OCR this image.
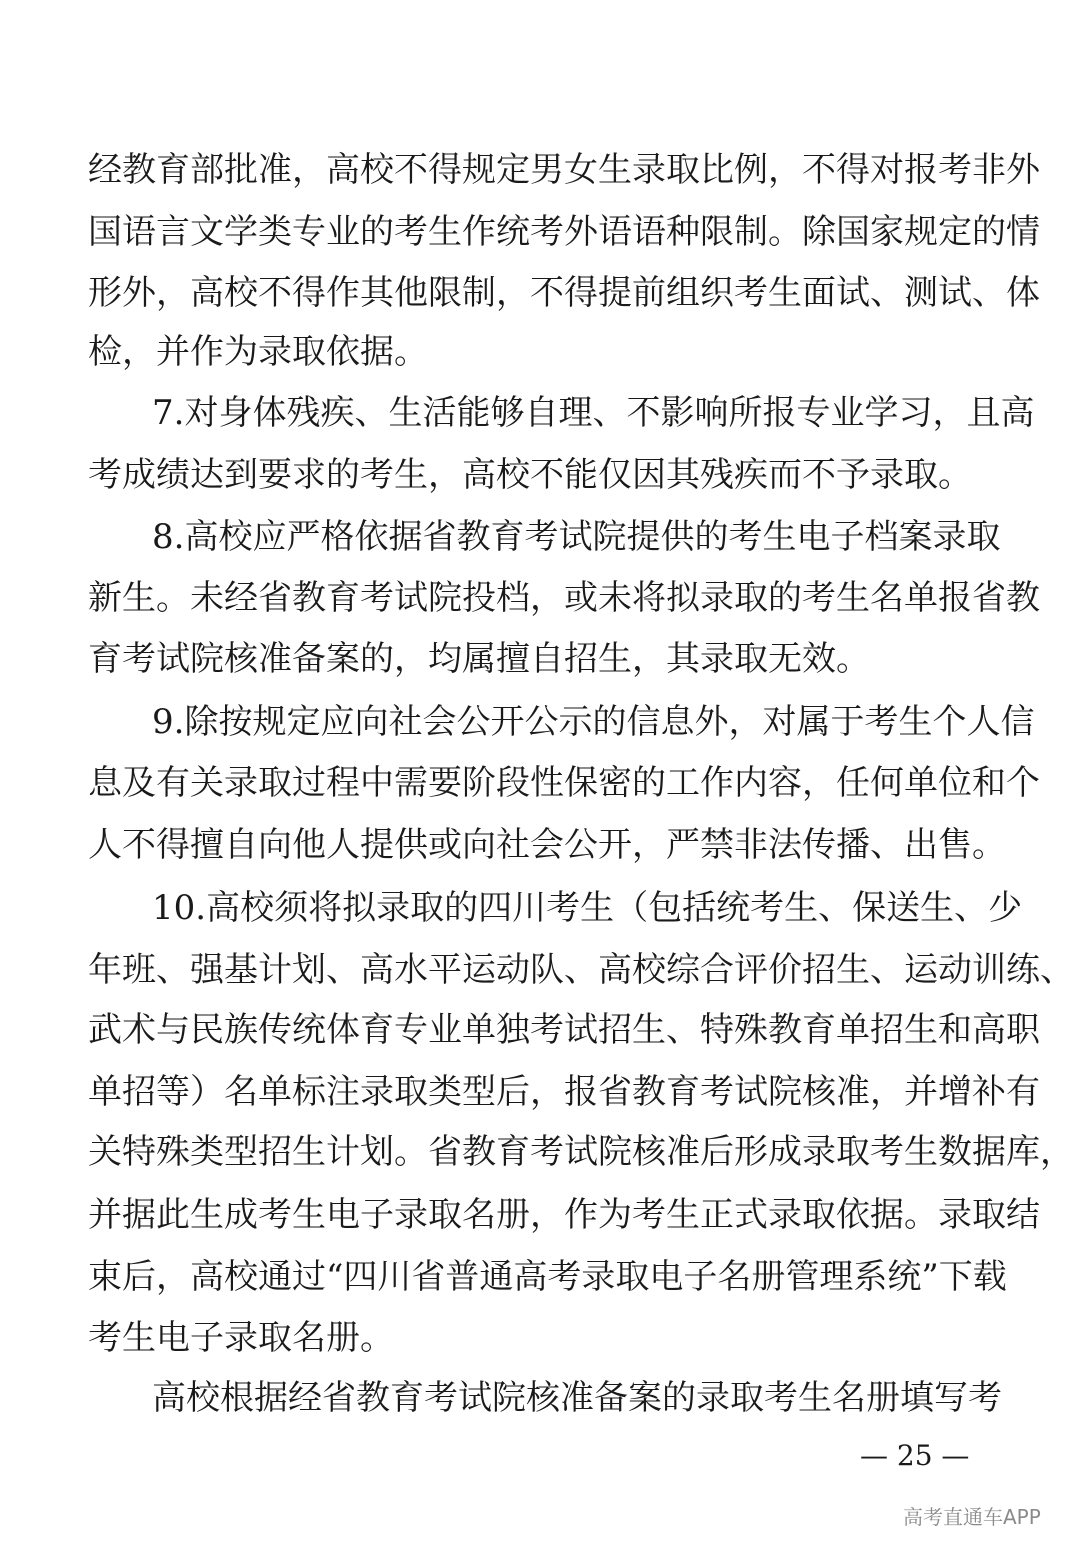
经教育部批准，高校不得规定男女生录取比例，不得对报考非外
国语言文学类专业的考生作统考外语语种限制。除国家规定的情
形外，高校不得作其他限制，不得提前组织考生面试、测试、体
检，并作为录取依据。
7.对身体残疾、生活能够自理、不影响所报专业学习，且高
考成绩达到要求的考生，高校不能仅因其残疾而不予录取。
8.高校应严格依据省教育考试院提供的考生电子档案录取
新生。未经省教育考试院投档，或未将拟录取的考生名单报省教
育考试院核准备案的，均属擅自招生，其录取无效。
9.除按规定应向社会公开公示的信息外，对属于考生个人信
息及有关录取过程中需要阶段性保密的工作内容，任何单位和个
人不得擅自向他人提供或向社会公开，严禁非法传播、出售。
10.高校须将拟录取的四川考生（包括统考生、保送生、少
年班、强基计划、高水平运动队、高校综合评价招生、运动训练、
武术与民族传统体育专业单独考试招生、特殊教育单招生和高职
单招等）名单标注录取类型后，报省教育考试院核准，并增补有
关特殊类型招生计划。省教育考试院核准后形成录取考生数据库，
并据此生成考生电子录取名册，作为考生正式录取依据。录取结
束后，高校通过“四川省普通高考录取电子名册管理系统”下载
考生电子录取名册。
高校根据经省教育考试院核准备案的录取考生名册填写考
— 25 —
高考直通车APP
